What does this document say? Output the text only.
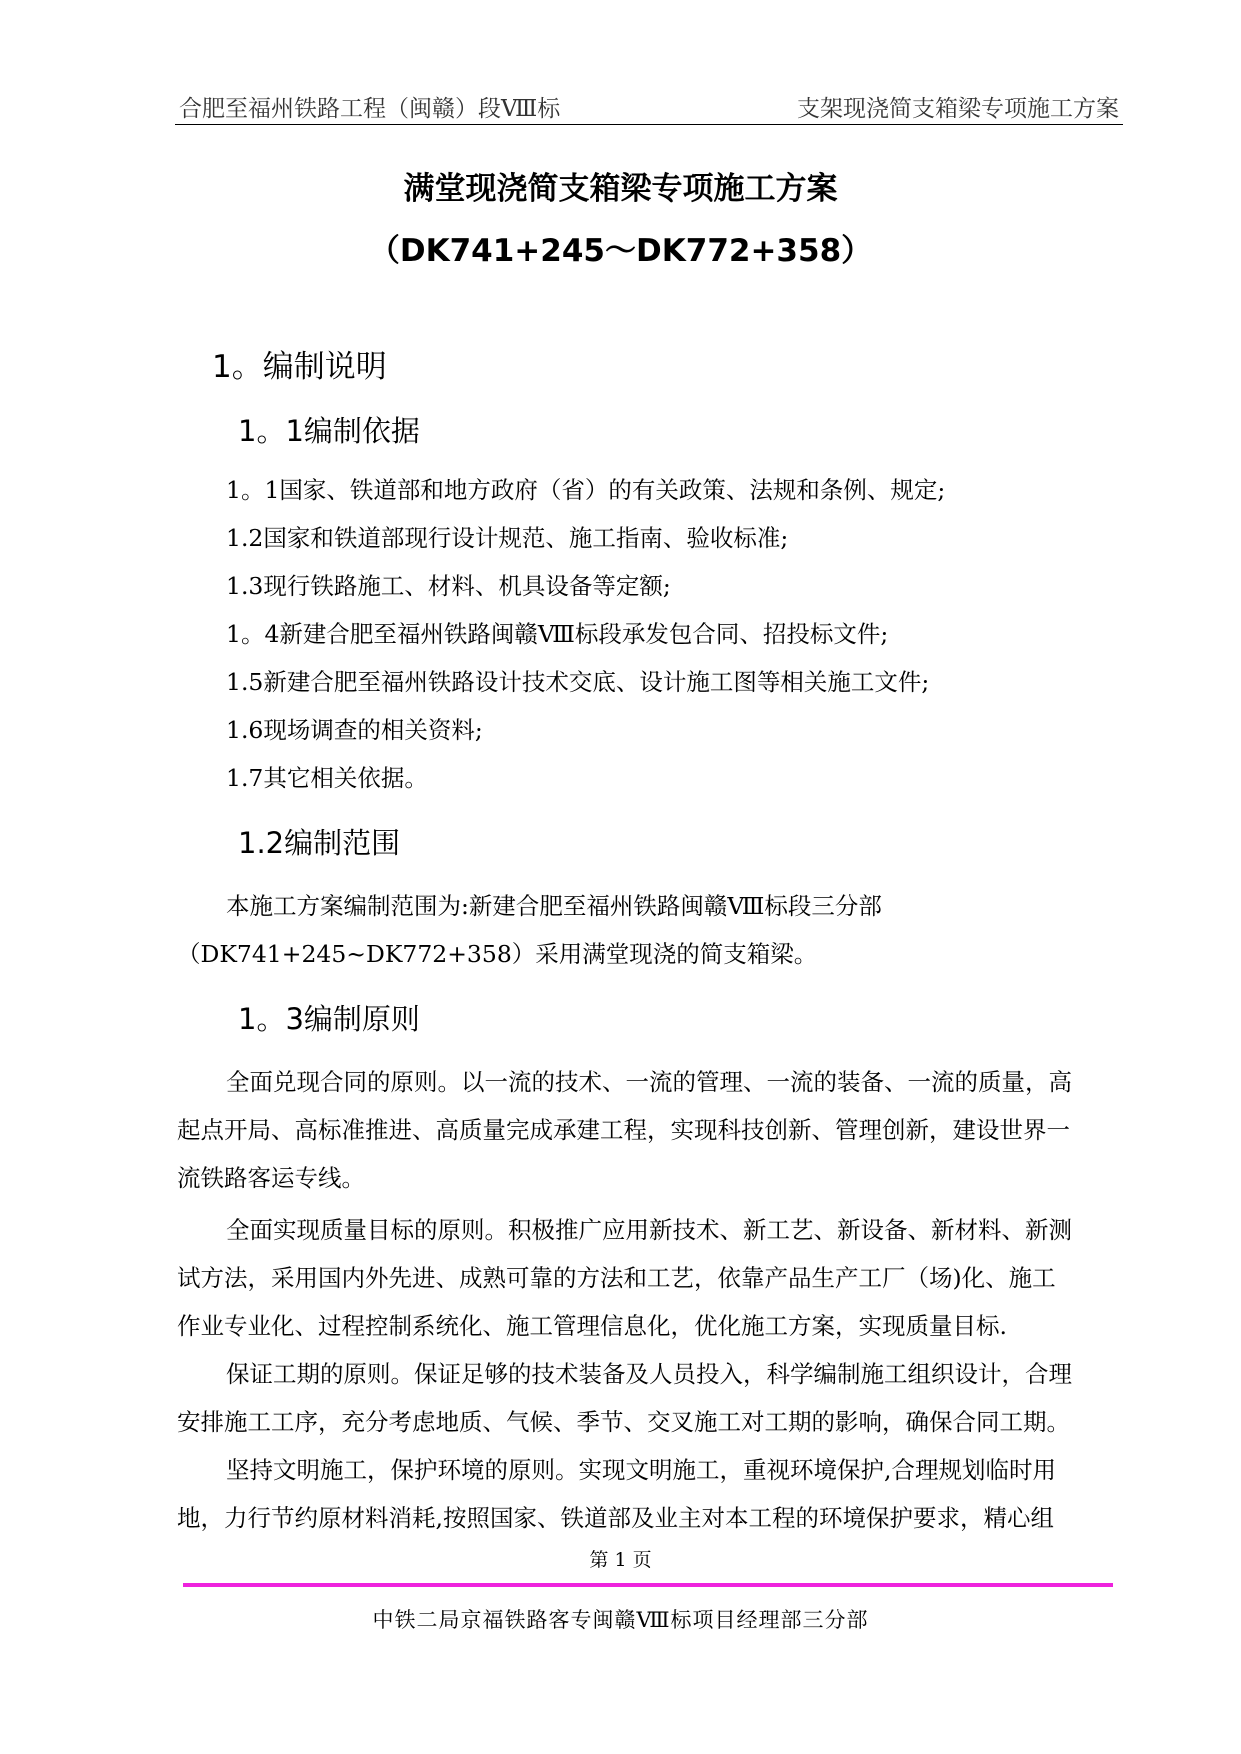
合肥至福州铁路工程（闽赣）段Ⅷ标	支架现浇简支箱梁专项施工方案
满堂现浇简支箱梁专项施工方案
（DK741+245～DK772+358）
1。编制说明
1。1编制依据
1。1国家、铁道部和地方政府（省）的有关政策、法规和条例、规定;
1.2国家和铁道部现行设计规范、施工指南、验收标准;
1.3现行铁路施工、材料、机具设备等定额;
1。4新建合肥至福州铁路闽赣Ⅷ标段承发包合同、招投标文件;
1.5新建合肥至福州铁路设计技术交底、设计施工图等相关施工文件;
1.6现场调查的相关资料;
1.7其它相关依据。
1.2编制范围
本施工方案编制范围为:新建合肥至福州铁路闽赣Ⅷ标段三分部
（DK741+245~DK772+358）采用满堂现浇的简支箱梁。
1。3编制原则
全面兑现合同的原则。以一流的技术、一流的管理、一流的装备、一流的质量，高
起点开局、高标准推进、高质量完成承建工程，实现科技创新、管理创新，建设世界一
流铁路客运专线。
全面实现质量目标的原则。积极推广应用新技术、新工艺、新设备、新材料、新测
试方法，采用国内外先进、成熟可靠的方法和工艺，依靠产品生产工厂（场)化、施工
作业专业化、过程控制系统化、施工管理信息化，优化施工方案，实现质量目标.
保证工期的原则。保证足够的技术装备及人员投入，科学编制施工组织设计，合理
安排施工工序，充分考虑地质、气候、季节、交叉施工对工期的影响，确保合同工期。
坚持文明施工，保护环境的原则。实现文明施工，重视环境保护,合理规划临时用
地，力行节约原材料消耗,按照国家、铁道部及业主对本工程的环境保护要求，精心组
第 1 页
中铁二局京福铁路客专闽赣Ⅷ标项目经理部三分部
